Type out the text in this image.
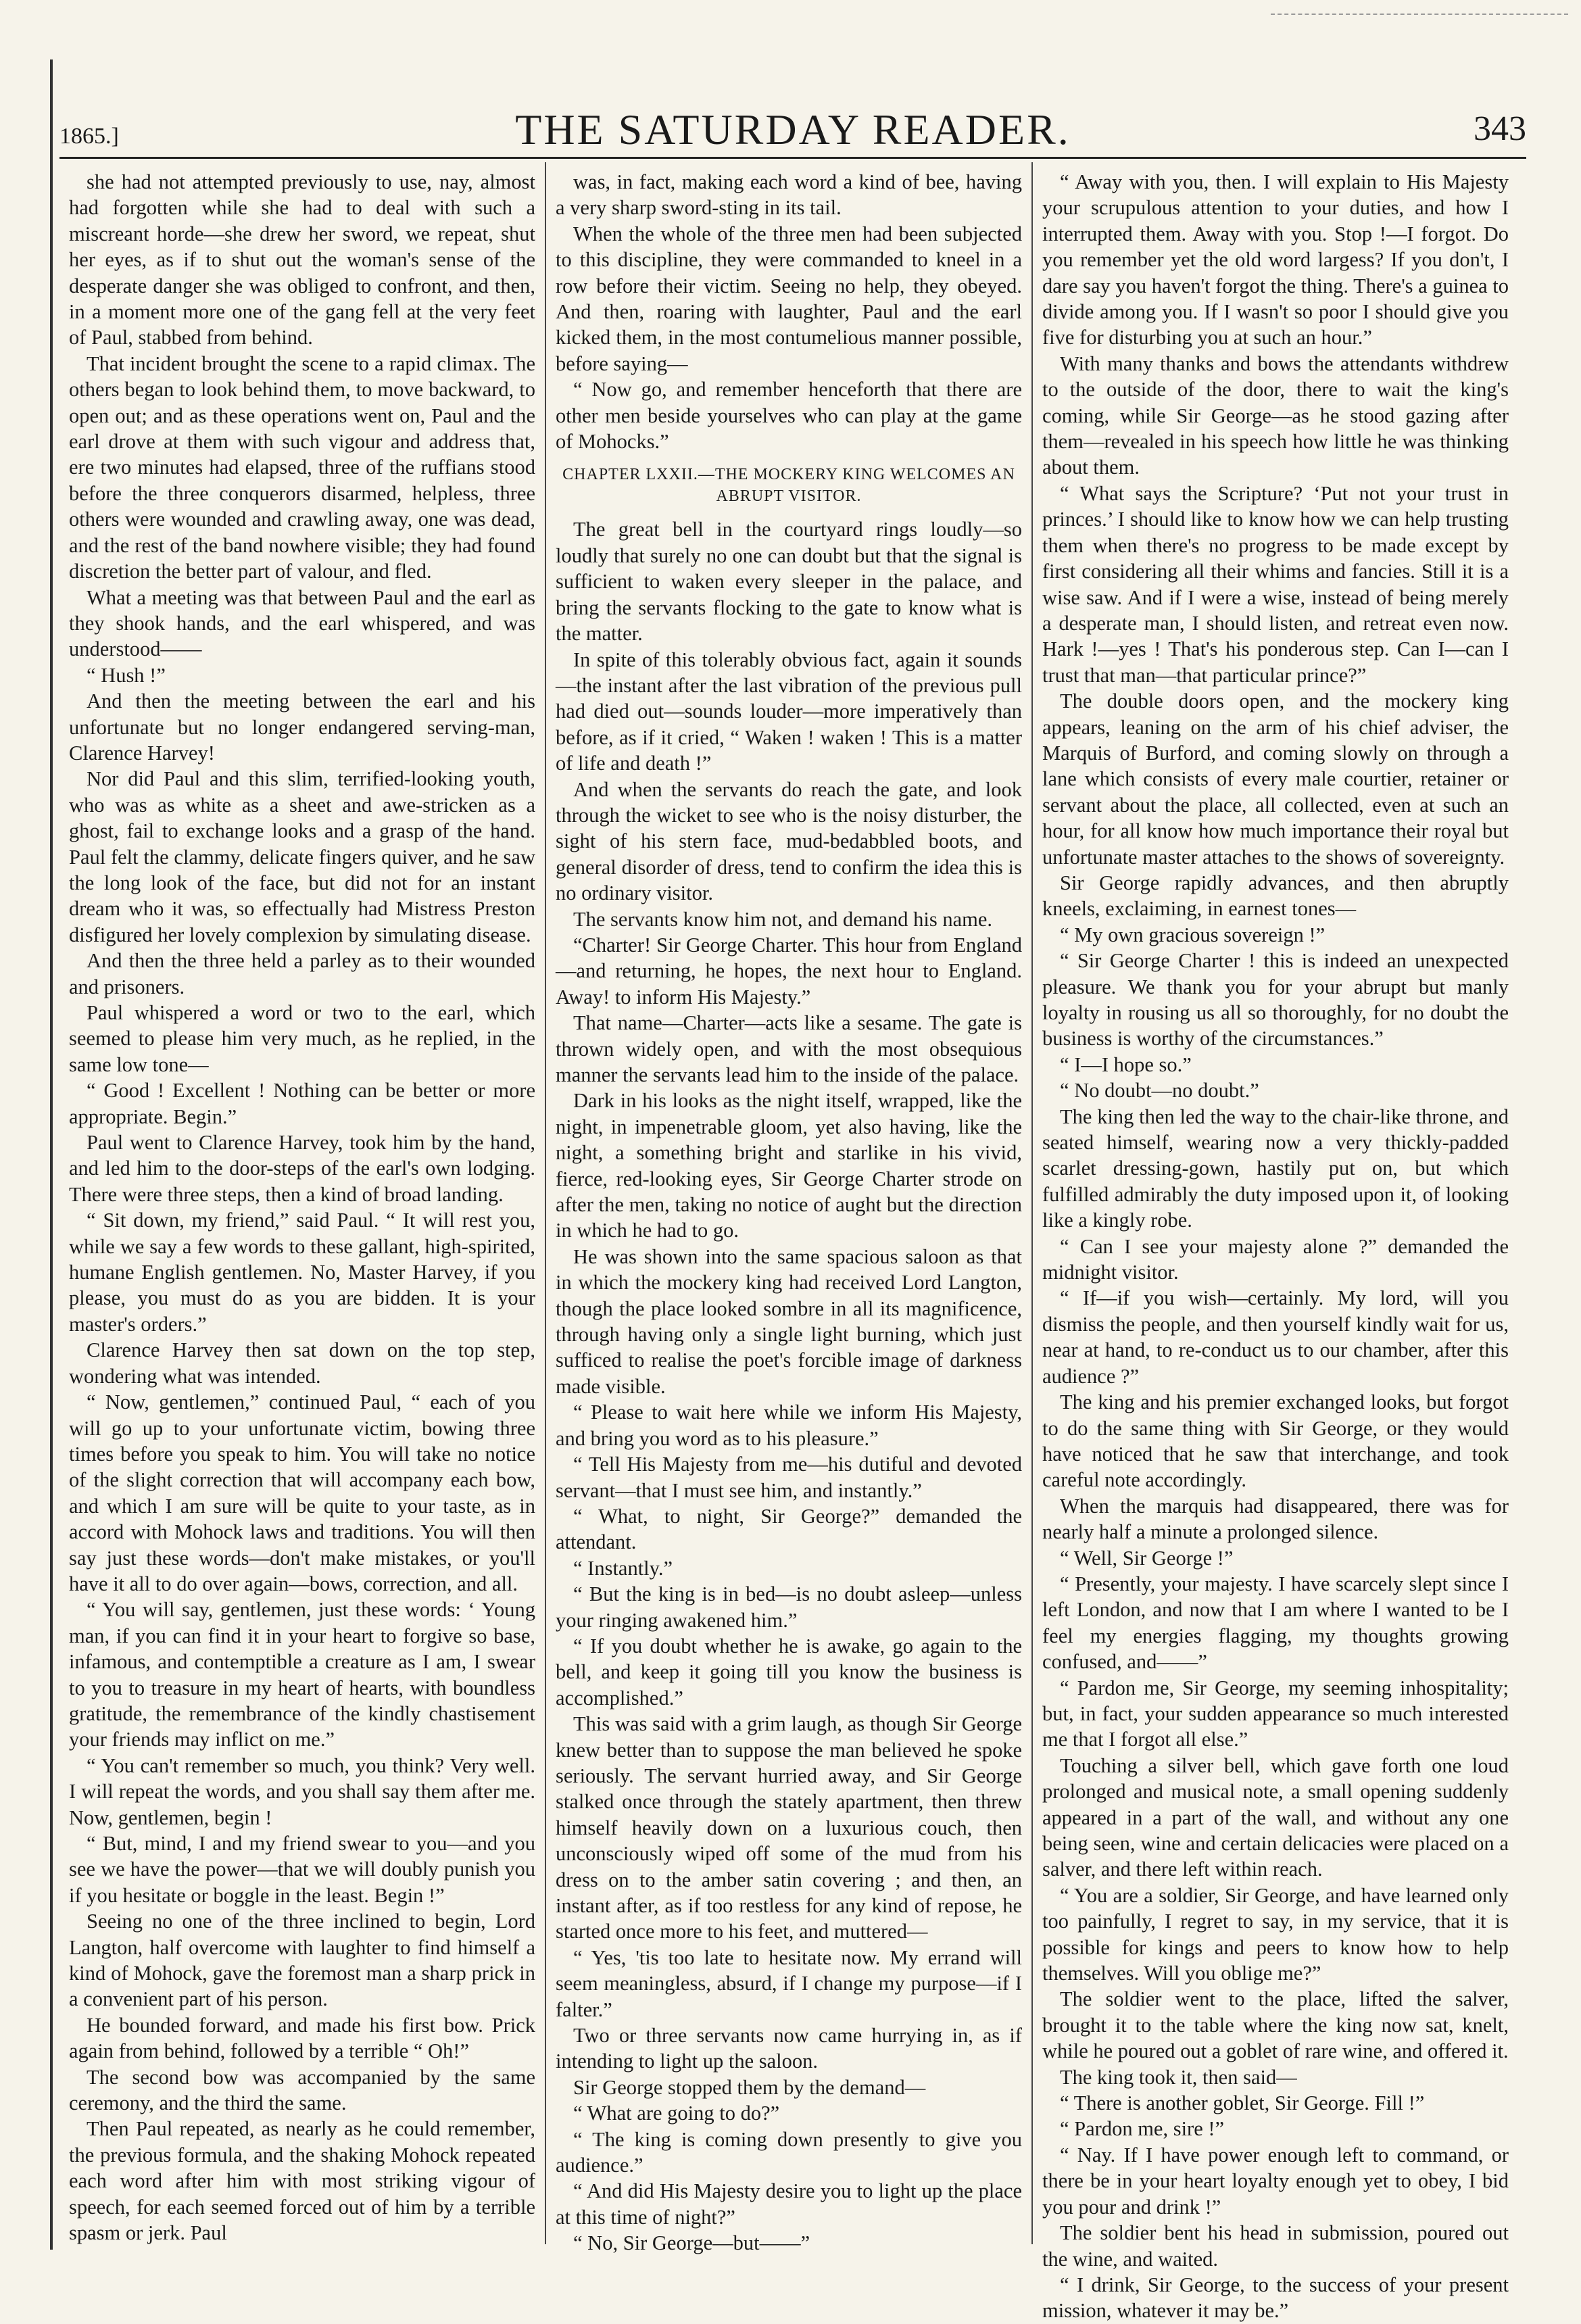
1865.]	THE SATURDAY READER.	343

she had not attempted previously to use, nay, almost had forgotten while she had to deal with such a miscreant horde—she drew her sword, we repeat, shut her eyes, as if to shut out the woman's sense of the desperate danger she was obliged to confront, and then, in a moment more one of the gang fell at the very feet of Paul, stabbed from behind.

That incident brought the scene to a rapid climax. The others began to look behind them, to move backward, to open out; and as these operations went on, Paul and the earl drove at them with such vigour and address that, ere two minutes had elapsed, three of the ruffians stood before the three conquerors disarmed, helpless, three others were wounded and crawling away, one was dead, and the rest of the band nowhere visible; they had found discretion the better part of valour, and fled.

What a meeting was that between Paul and the earl as they shook hands, and the earl whispered, and was understood——

“ Hush !”

And then the meeting between the earl and his unfortunate but no longer endangered serving-man, Clarence Harvey!

Nor did Paul and this slim, terrified-looking youth, who was as white as a sheet and awe-stricken as a ghost, fail to exchange looks and a grasp of the hand. Paul felt the clammy, delicate fingers quiver, and he saw the long look of the face, but did not for an instant dream who it was, so effectually had Mistress Preston disfigured her lovely complexion by simulating disease.

And then the three held a parley as to their wounded and prisoners.

Paul whispered a word or two to the earl, which seemed to please him very much, as he replied, in the same low tone—

“ Good ! Excellent ! Nothing can be better or more appropriate. Begin.”

Paul went to Clarence Harvey, took him by the hand, and led him to the door-steps of the earl's own lodging. There were three steps, then a kind of broad landing.

“ Sit down, my friend,” said Paul. “ It will rest you, while we say a few words to these gallant, high-spirited, humane English gentlemen. No, Master Harvey, if you please, you must do as you are bidden. It is your master's orders.”

Clarence Harvey then sat down on the top step, wondering what was intended.

“ Now, gentlemen,” continued Paul, “ each of you will go up to your unfortunate victim, bowing three times before you speak to him. You will take no notice of the slight correction that will accompany each bow, and which I am sure will be quite to your taste, as in accord with Mohock laws and traditions. You will then say just these words—don't make mistakes, or you'll have it all to do over again—bows, correction, and all.

“ You will say, gentlemen, just these words: ‘ Young man, if you can find it in your heart to forgive so base, infamous, and contemptible a creature as I am, I swear to you to treasure in my heart of hearts, with boundless gratitude, the remembrance of the kindly chastisement your friends may inflict on me.”

“ You can't remember so much, you think? Very well. I will repeat the words, and you shall say them after me. Now, gentlemen, begin !

“ But, mind, I and my friend swear to you—and you see we have the power—that we will doubly punish you if you hesitate or boggle in the least. Begin !”

Seeing no one of the three inclined to begin, Lord Langton, half overcome with laughter to find himself a kind of Mohock, gave the foremost man a sharp prick in a convenient part of his person.

He bounded forward, and made his first bow. Prick again from behind, followed by a terrible “ Oh!”

The second bow was accompanied by the same ceremony, and the third the same.

Then Paul repeated, as nearly as he could remember, the previous formula, and the shaking Mohock repeated each word after him with most striking vigour of speech, for each seemed forced out of him by a terrible spasm or jerk. Paul

was, in fact, making each word a kind of bee, having a very sharp sword-sting in its tail.

When the whole of the three men had been subjected to this discipline, they were commanded to kneel in a row before their victim. Seeing no help, they obeyed. And then, roaring with laughter, Paul and the earl kicked them, in the most contumelious manner possible, before saying—

“ Now go, and remember henceforth that there are other men beside yourselves who can play at the game of Mohocks.”

CHAPTER LXXII.—THE MOCKERY KING WELCOMES AN ABRUPT VISITOR.

The great bell in the courtyard rings loudly—so loudly that surely no one can doubt but that the signal is sufficient to waken every sleeper in the palace, and bring the servants flocking to the gate to know what is the matter.

In spite of this tolerably obvious fact, again it sounds—the instant after the last vibration of the previous pull had died out—sounds louder—more imperatively than before, as if it cried, “ Waken ! waken ! This is a matter of life and death !”

And when the servants do reach the gate, and look through the wicket to see who is the noisy disturber, the sight of his stern face, mud-bedabbled boots, and general disorder of dress, tend to confirm the idea this is no ordinary visitor.

The servants know him not, and demand his name.

“Charter! Sir George Charter. This hour from England—and returning, he hopes, the next hour to England. Away! to inform His Majesty.”

That name—Charter—acts like a sesame. The gate is thrown widely open, and with the most obsequious manner the servants lead him to the inside of the palace.

Dark in his looks as the night itself, wrapped, like the night, in impenetrable gloom, yet also having, like the night, a something bright and starlike in his vivid, fierce, red-looking eyes, Sir George Charter strode on after the men, taking no notice of aught but the direction in which he had to go.

He was shown into the same spacious saloon as that in which the mockery king had received Lord Langton, though the place looked sombre in all its magnificence, through having only a single light burning, which just sufficed to realise the poet's forcible image of darkness made visible.

“ Please to wait here while we inform His Majesty, and bring you word as to his pleasure.”

“ Tell His Majesty from me—his dutiful and devoted servant—that I must see him, and instantly.”

“ What, to night, Sir George?” demanded the attendant.

“ Instantly.”

“ But the king is in bed—is no doubt asleep—unless your ringing awakened him.”

“ If you doubt whether he is awake, go again to the bell, and keep it going till you know the business is accomplished.”

This was said with a grim laugh, as though Sir George knew better than to suppose the man believed he spoke seriously. The servant hurried away, and Sir George stalked once through the stately apartment, then threw himself heavily down on a luxurious couch, then unconsciously wiped off some of the mud from his dress on to the amber satin covering ; and then, an instant after, as if too restless for any kind of repose, he started once more to his feet, and muttered—

“ Yes, 'tis too late to hesitate now. My errand will seem meaningless, absurd, if I change my purpose—if I falter.”

Two or three servants now came hurrying in, as if intending to light up the saloon.

Sir George stopped them by the demand—

“ What are going to do?”

“ The king is coming down presently to give you audience.”

“ And did His Majesty desire you to light up the place at this time of night?”

“ No, Sir George—but——”

“ Away with you, then. I will explain to His Majesty your scrupulous attention to your duties, and how I interrupted them. Away with you. Stop !—I forgot. Do you remember yet the old word largess? If you don't, I dare say you haven't forgot the thing. There's a guinea to divide among you. If I wasn't so poor I should give you five for disturbing you at such an hour.”

With many thanks and bows the attendants withdrew to the outside of the door, there to wait the king's coming, while Sir George—as he stood gazing after them—revealed in his speech how little he was thinking about them.

“ What says the Scripture? ‘Put not your trust in princes.’ I should like to know how we can help trusting them when there's no progress to be made except by first considering all their whims and fancies. Still it is a wise saw. And if I were a wise, instead of being merely a desperate man, I should listen, and retreat even now. Hark !—yes ! That's his ponderous step. Can I—can I trust that man—that particular prince?”

The double doors open, and the mockery king appears, leaning on the arm of his chief adviser, the Marquis of Burford, and coming slowly on through a lane which consists of every male courtier, retainer or servant about the place, all collected, even at such an hour, for all know how much importance their royal but unfortunate master attaches to the shows of sovereignty.

Sir George rapidly advances, and then abruptly kneels, exclaiming, in earnest tones—

“ My own gracious sovereign !”

“ Sir George Charter ! this is indeed an unexpected pleasure. We thank you for your abrupt but manly loyalty in rousing us all so thoroughly, for no doubt the business is worthy of the circumstances.”

“ I—I hope so.”

“ No doubt—no doubt.”

The king then led the way to the chair-like throne, and seated himself, wearing now a very thickly-padded scarlet dressing-gown, hastily put on, but which fulfilled admirably the duty imposed upon it, of looking like a kingly robe.

“ Can I see your majesty alone ?” demanded the midnight visitor.

“ If—if you wish—certainly. My lord, will you dismiss the people, and then yourself kindly wait for us, near at hand, to re-conduct us to our chamber, after this audience ?”

The king and his premier exchanged looks, but forgot to do the same thing with Sir George, or they would have noticed that he saw that interchange, and took careful note accordingly.

When the marquis had disappeared, there was for nearly half a minute a prolonged silence.

“ Well, Sir George !”

“ Presently, your majesty. I have scarcely slept since I left London, and now that I am where I wanted to be I feel my energies flagging, my thoughts growing confused, and——”

“ Pardon me, Sir George, my seeming inhospitality; but, in fact, your sudden appearance so much interested me that I forgot all else.”

Touching a silver bell, which gave forth one loud prolonged and musical note, a small opening suddenly appeared in a part of the wall, and without any one being seen, wine and certain delicacies were placed on a salver, and there left within reach.

“ You are a soldier, Sir George, and have learned only too painfully, I regret to say, in my service, that it is possible for kings and peers to know how to help themselves. Will you oblige me?”

The soldier went to the place, lifted the salver, brought it to the table where the king now sat, knelt, while he poured out a goblet of rare wine, and offered it.

The king took it, then said—

“ There is another goblet, Sir George. Fill !”

“ Pardon me, sire !”

“ Nay. If I have power enough left to command, or there be in your heart loyalty enough yet to obey, I bid you pour and drink !”

The soldier bent his head in submission, poured out the wine, and waited.

“ I drink, Sir George, to the success of your present mission, whatever it may be.”
